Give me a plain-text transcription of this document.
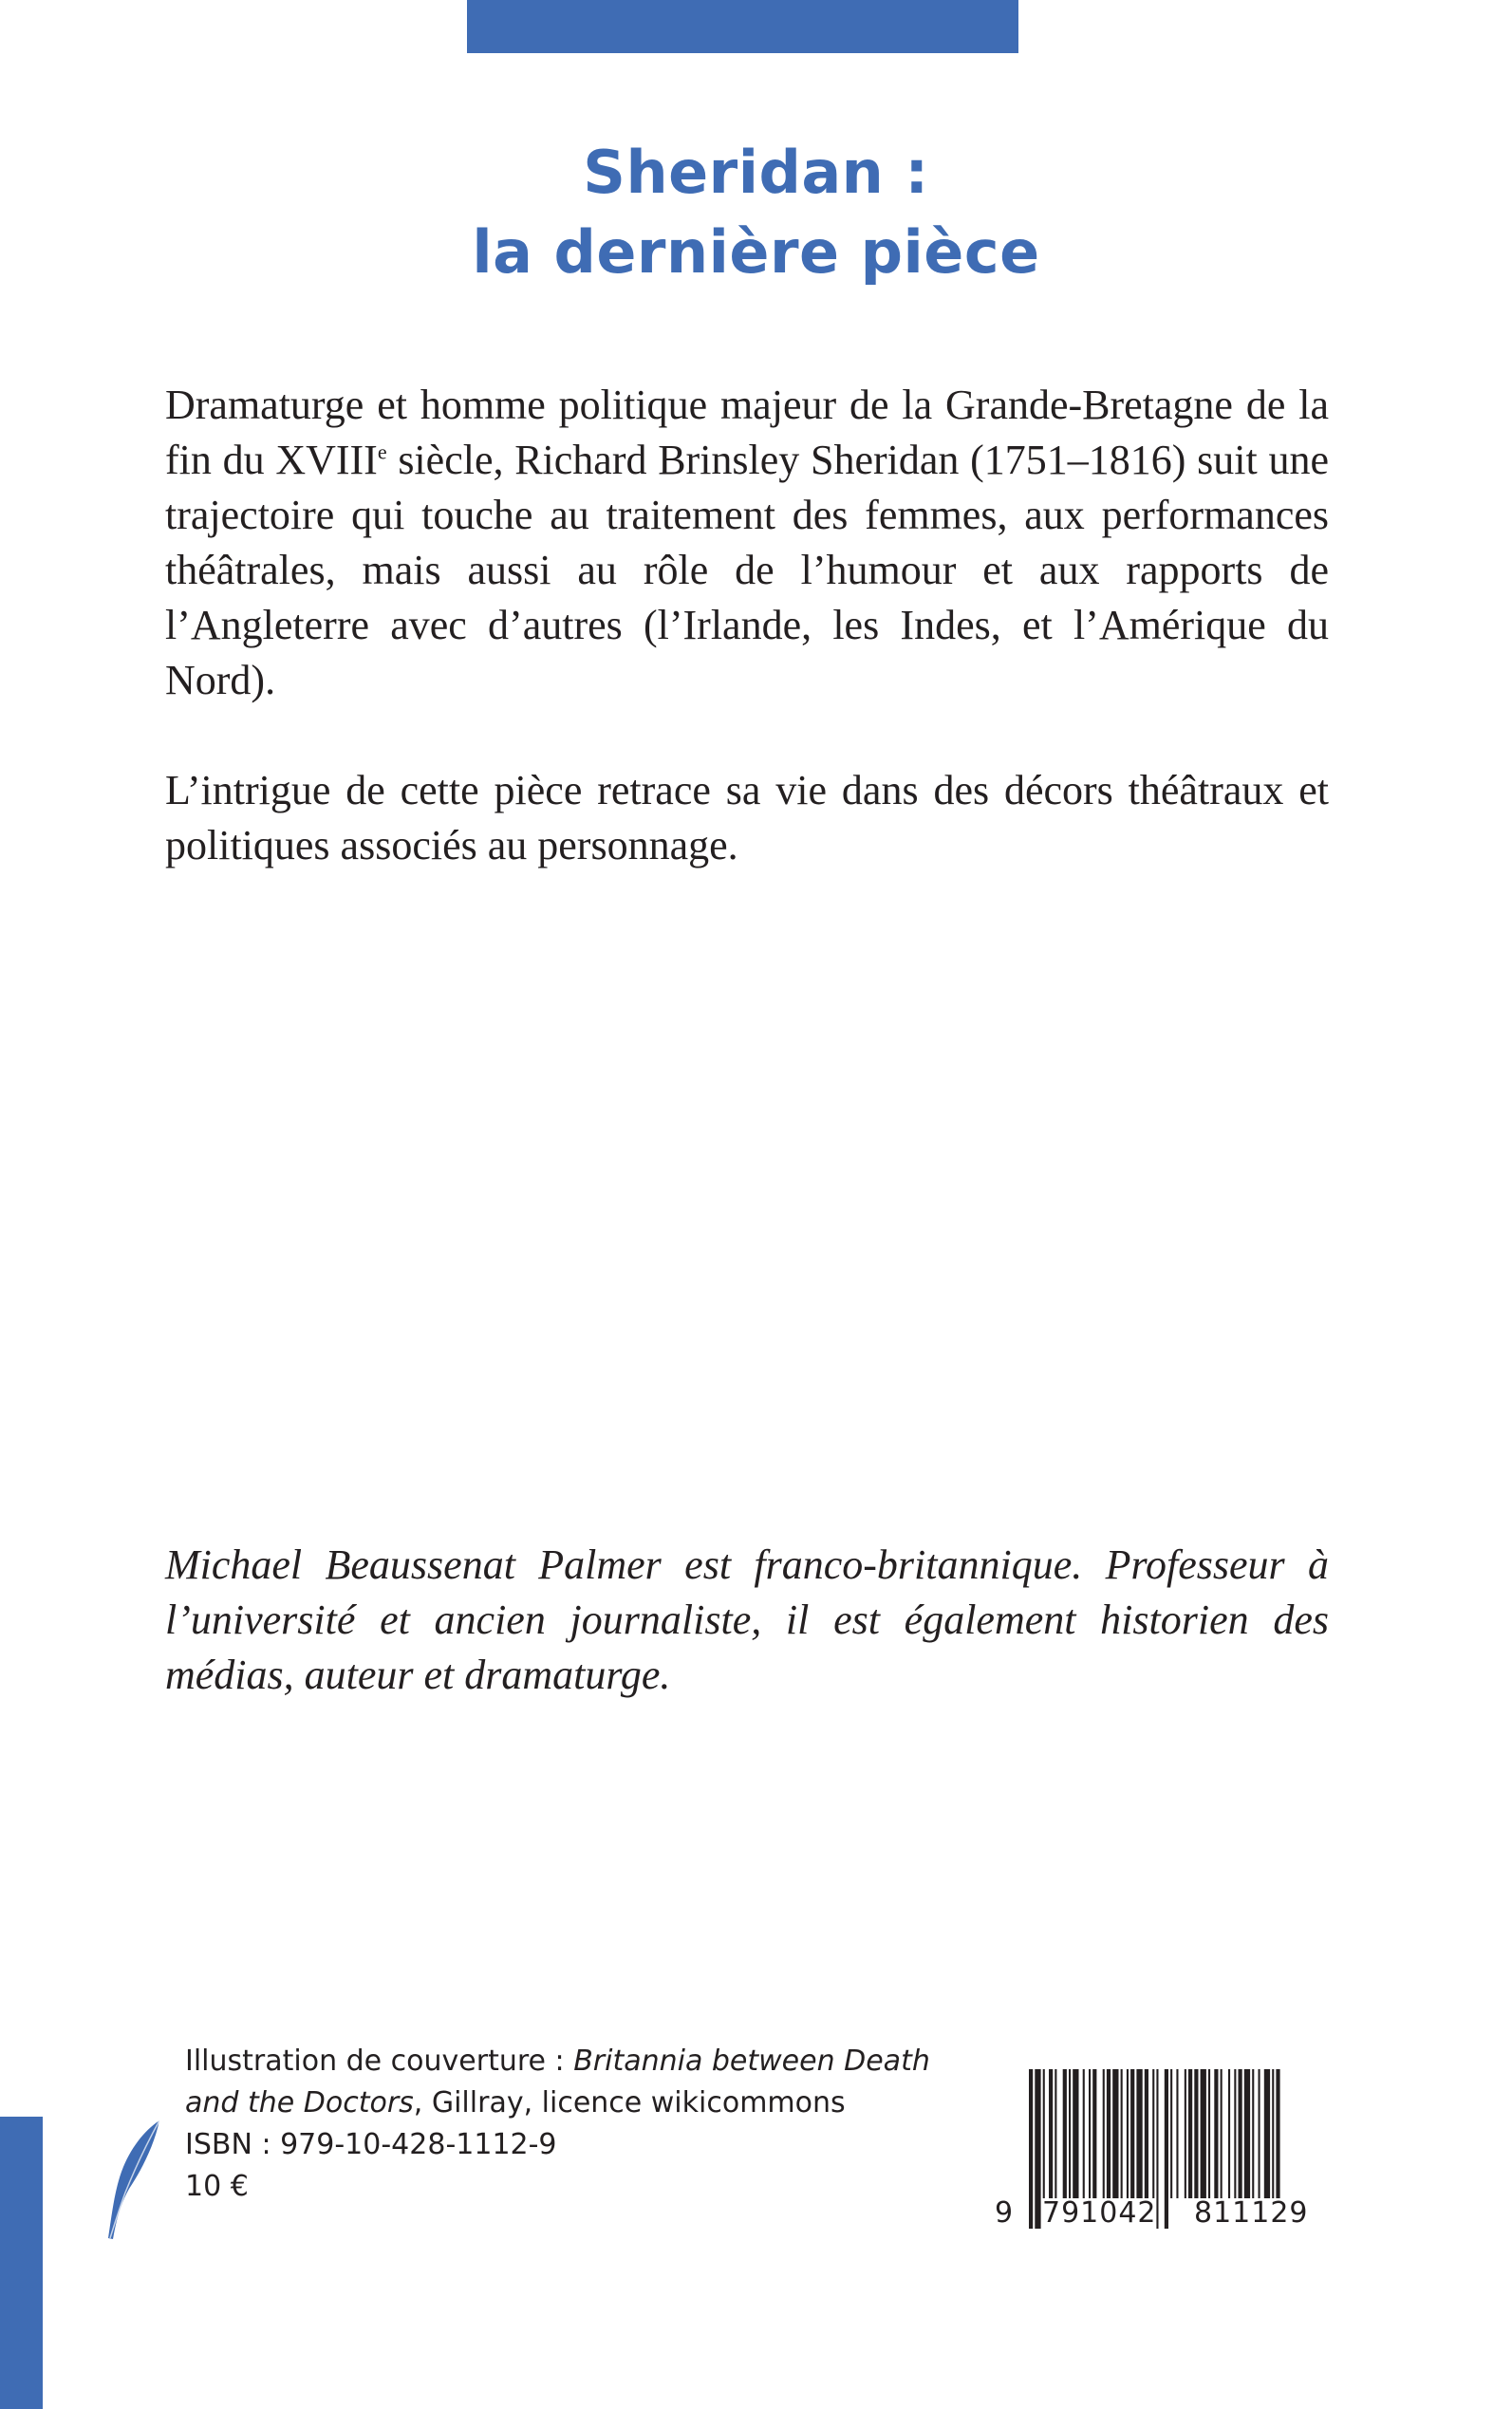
Sheridan :
la dernière pièce

Dramaturge et homme politique majeur de la Grande-Bretagne de la fin du XVIIIe siècle, Richard Brinsley Sheridan (1751–1816) suit une trajectoire qui touche au traitement des femmes, aux performances théâtrales, mais aussi au rôle de l’humour et aux rapports de l’Angleterre avec d’autres (l’Irlande, les Indes, et l’Amérique du Nord).

L’intrigue de cette pièce retrace sa vie dans des décors théâtraux et politiques associés au personnage.

Michael Beaussenat Palmer est franco-britannique. Professeur à l’université et ancien journaliste, il est également historien des médias, auteur et dramaturge.

Illustration de couverture : Britannia between Death
and the Doctors, Gillray, licence wikicommons
ISBN : 979-10-428-1112-9
10 €
9 791042 811129
